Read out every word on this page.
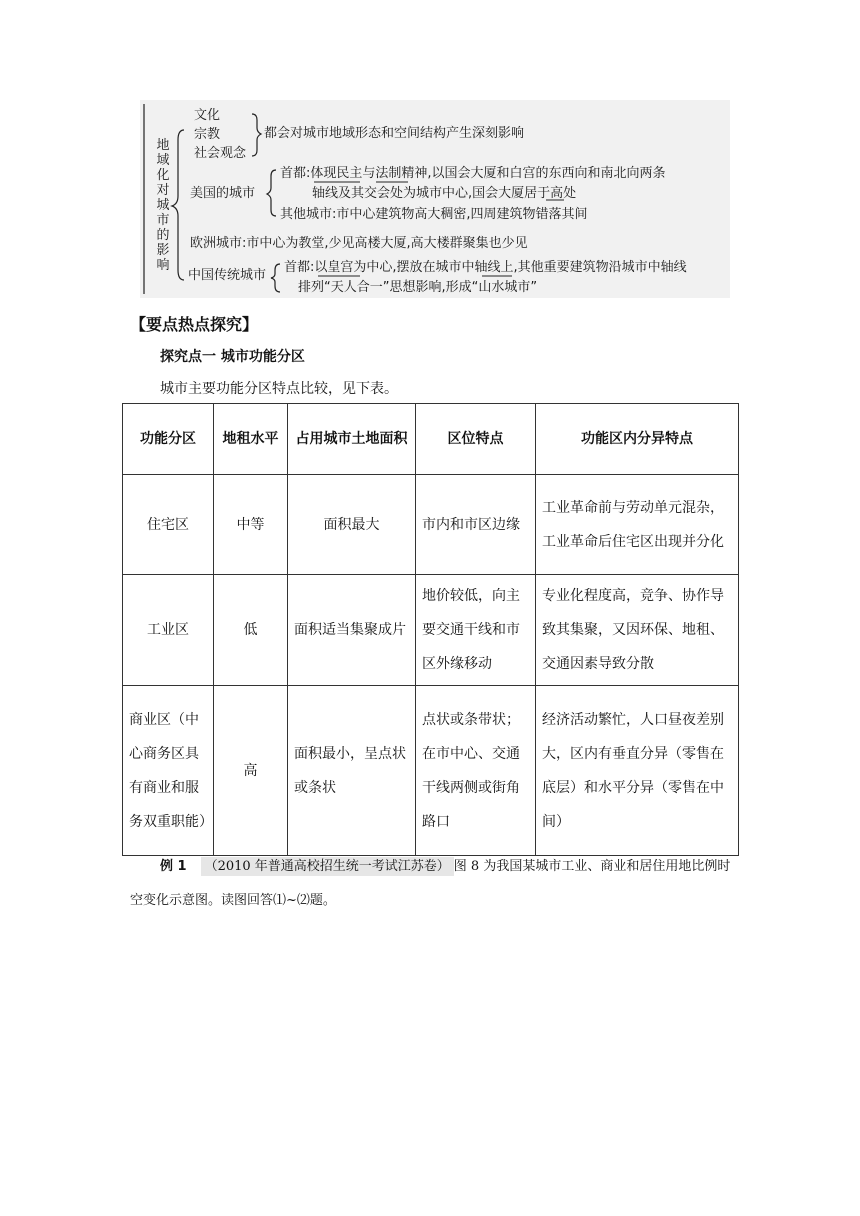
地域化对城市的影响
文化
宗教
社会观念
都会对城市地域形态和空间结构产生深刻影响
美国的城市
首都:体现民主与法制精神,以国会大厦和白宫的东西向和南北向两条
轴线及其交会处为城市中心,国会大厦居于高处
其他城市:市中心建筑物高大稠密,四周建筑物错落其间
欧洲城市:市中心为教堂,少见高楼大厦,高大楼群聚集也少见
中国传统城市
首都:以皇宫为中心,摆放在城市中轴线上,其他重要建筑物沿城市中轴线
排列“天人合一”思想影响,形成“山水城市”
【要点热点探究】
探究点一 城市功能分区
城市主要功能分区特点比较，见下表。
功能分区	地租水平	占用城市土地面积	区位特点	功能区内分异特点
住宅区	中等	面积最大	市内和市区边缘	工业革命前与劳动单元混杂，工业革命后住宅区出现并分化
工业区	低	面积适当集聚成片	地价较低，向主要交通干线和市区外缘移动	专业化程度高，竞争、协作导致其集聚，又因环保、地租、交通因素导致分散
商业区（中心商务区具有商业和服务双重职能）	高	面积最小，呈点状或条状	点状或条带状；在市中心、交通干线两侧或街角路口	经济活动繁忙，人口昼夜差别大，区内有垂直分异（零售在底层）和水平分异（零售在中间）
例 1 （2010 年普通高校招生统一考试江苏卷） 图 8 为我国某城市工业、商业和居住用地比例时空变化示意图。读图回答⑴~⑵题。
